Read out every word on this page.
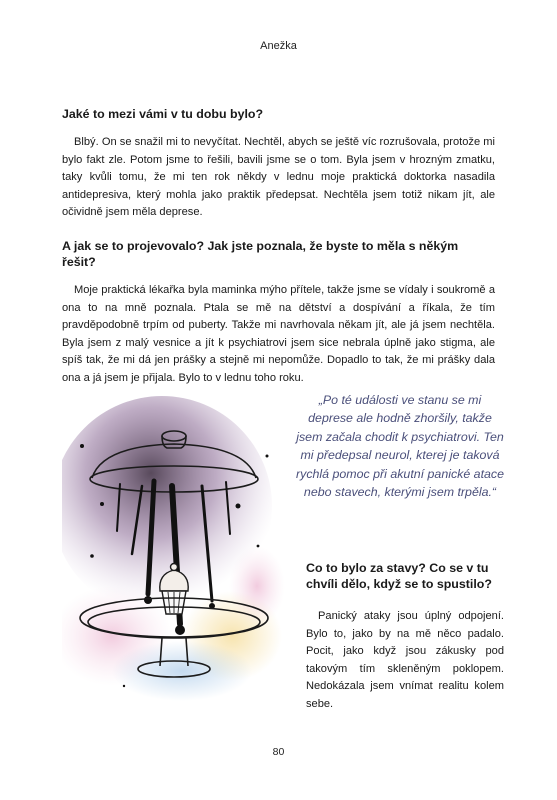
Anežka
Jaké to mezi vámi v tu dobu bylo?

Blbý. On se snažil mi to nevyčítat. Nechtěl, abych se ještě víc rozrušovala, protože mi bylo fakt zle. Potom jsme to řešili, bavili jsme se o tom. Byla jsem v hrozným zmatku, taky kvůli tomu, že mi ten rok někdy v lednu moje praktická doktorka nasadila antidepresiva, který mohla jako praktik předepsat. Nechtěla jsem totiž nikam jít, ale očividně jsem měla deprese.

A jak se to projevovalo? Jak jste poznala, že byste to měla s někým řešit?

Moje praktická lékařka byla maminka mýho přítele, takže jsme se vídaly i soukromě a ona to na mně poznala. Ptala se mě na dětství a dospívání a říkala, že tím pravděpodobně trpím od puberty. Takže mi navrhovala někam jít, ale já jsem nechtěla. Byla jsem z malý vesnice a jít k psychiatrovi jsem sice nebrala úplně jako stigma, ale spíš tak, že mi dá jen prášky a stejně mi nepomůže. Dopadlo to tak, že mi prášky dala ona a já jsem je přijala. Bylo to v lednu toho roku.

„Po té události ve stanu se mi deprese ale hodně zhoršily, takže jsem začala chodit k psychiatrovi. Ten mi předepsal neurol, kterej je taková rychlá pomoc při akutní panické atace nebo stavech, kterými jsem trpěla.“

Co to bylo za stavy? Co se v tu chvíli dělo, když se to spustilo?

Panický ataky jsou úplný odpojení. Bylo to, jako by na mě něco padalo. Pocit, jako když jsou zákusky pod takovým tím skleněným poklopem. Nedokázala jsem vnímat realitu kolem sebe.

80
